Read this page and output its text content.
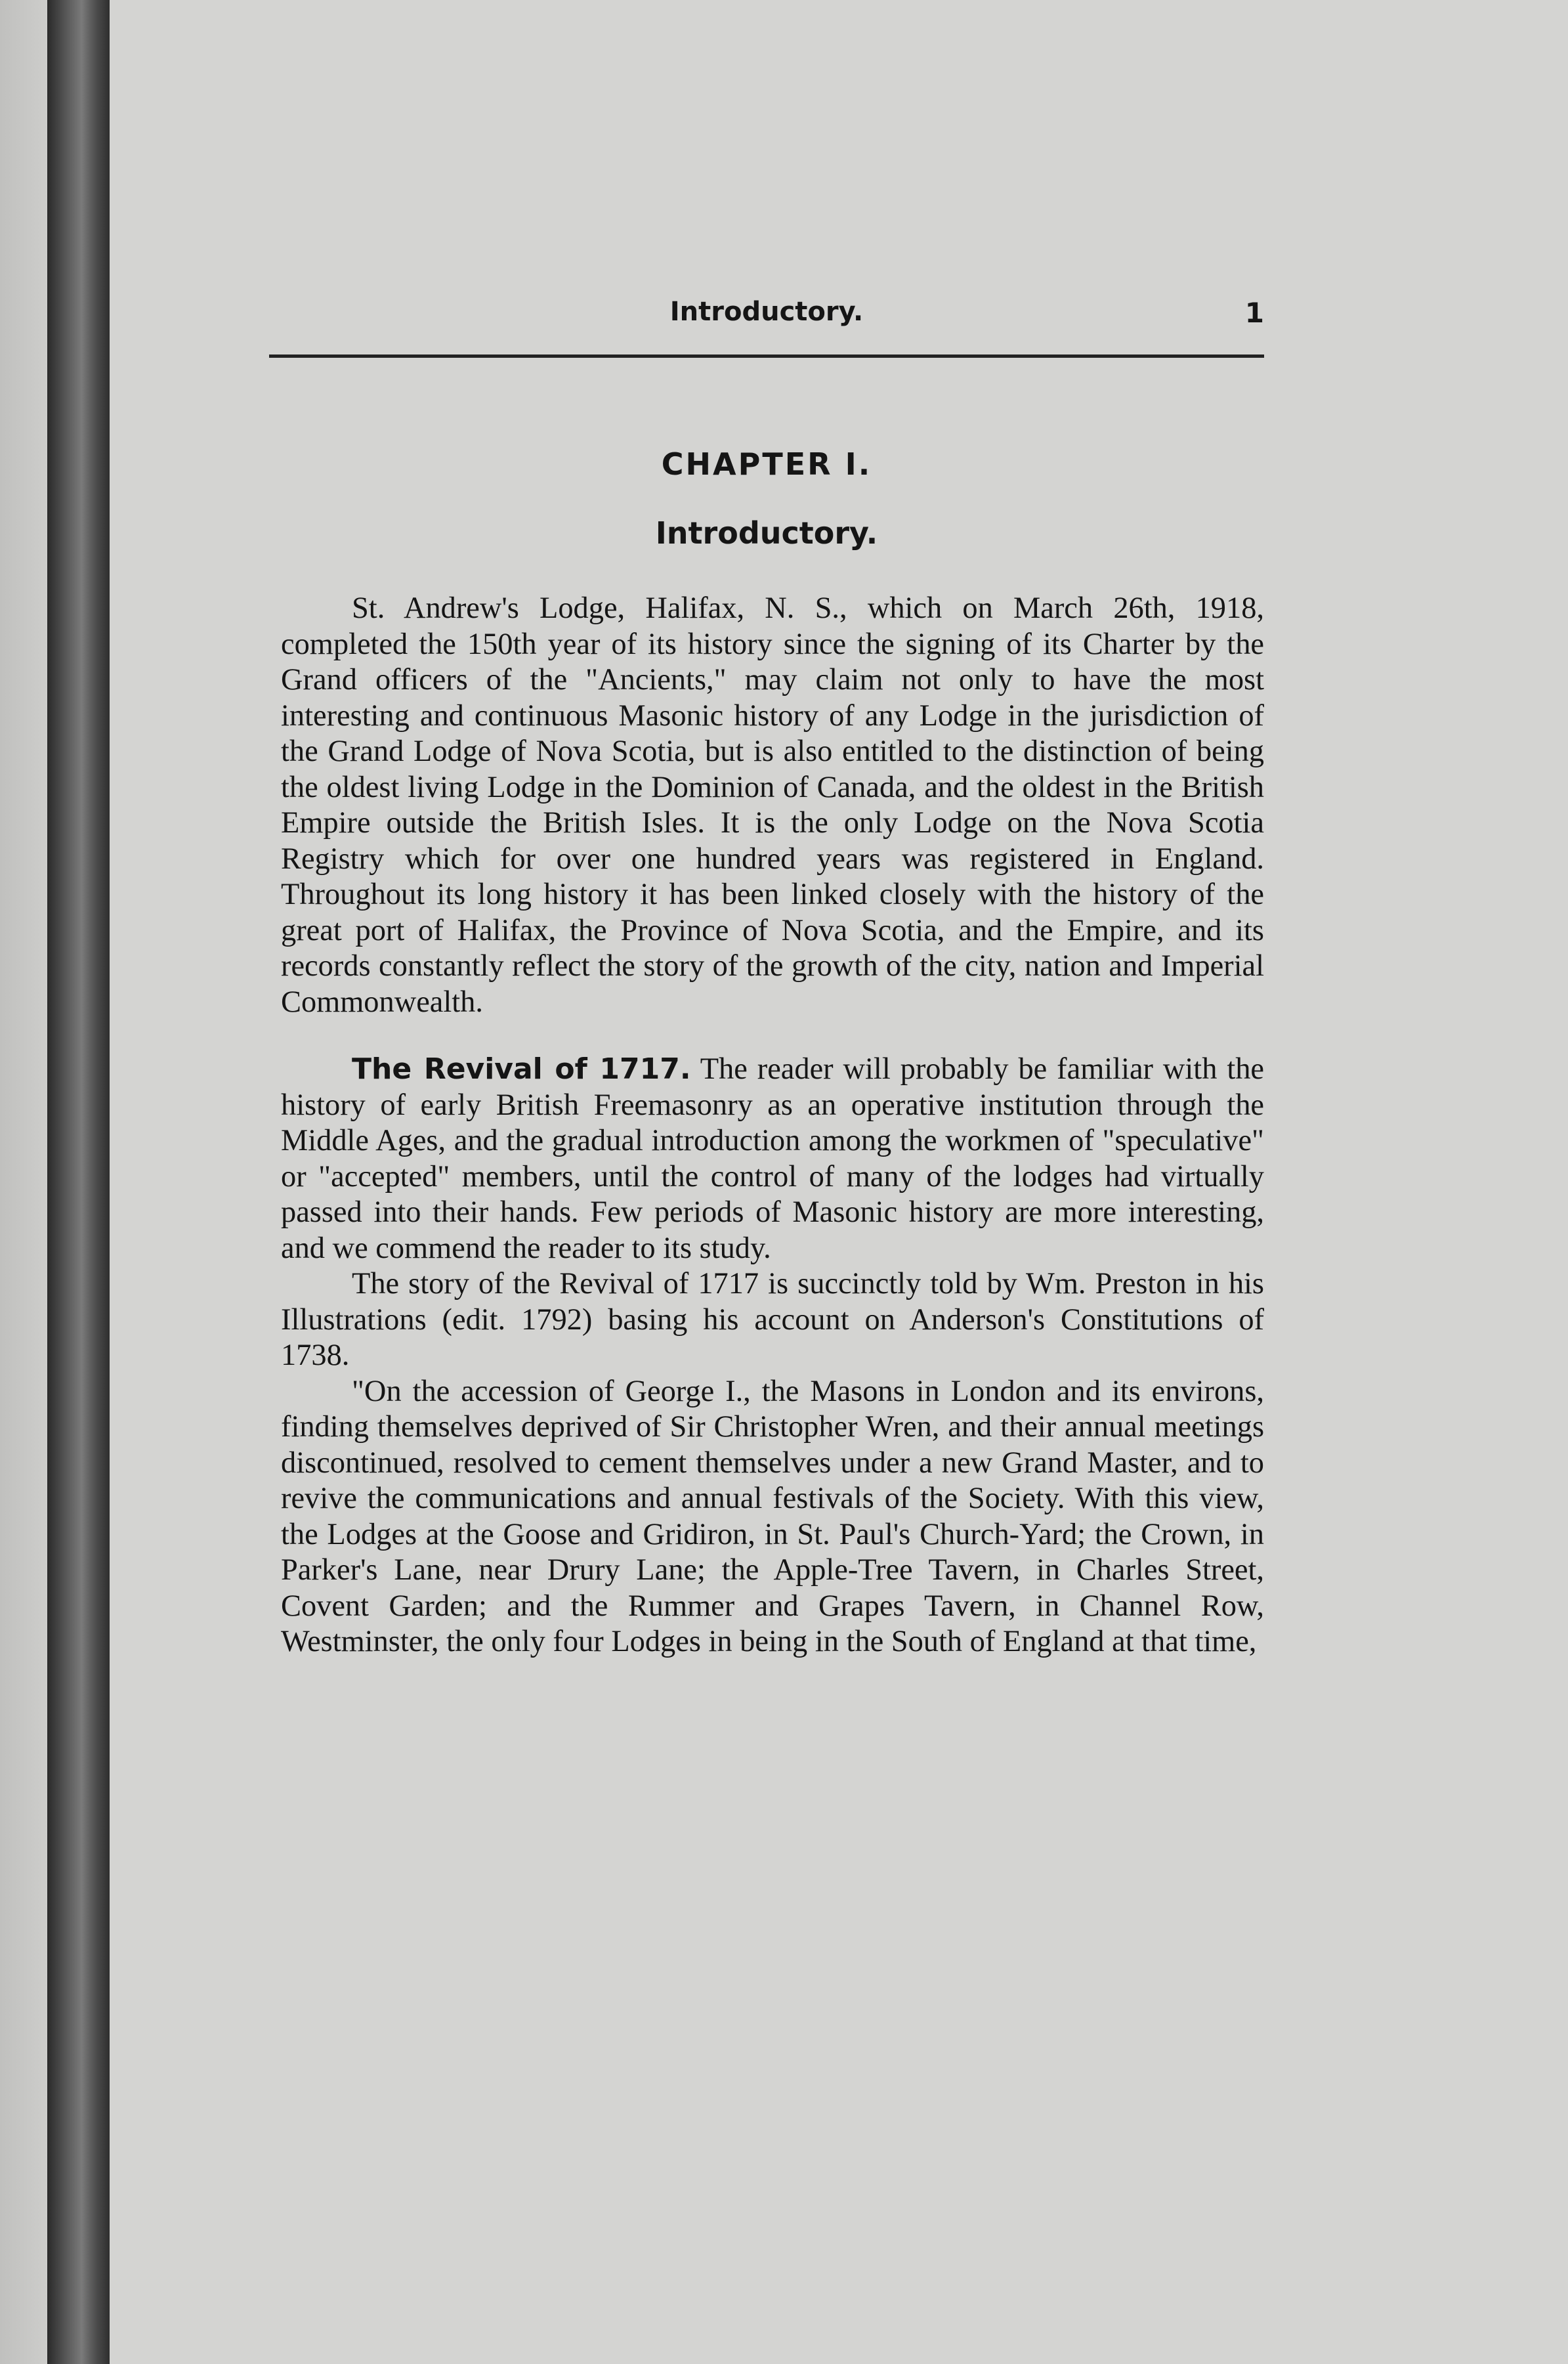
Introductory.	1
CHAPTER I.
Introductory.

St. Andrew's Lodge, Halifax, N. S., which on March 26th, 1918, completed the 150th year of its history since the signing of its Charter by the Grand officers of the "Ancients," may claim not only to have the most interesting and continuous Masonic history of any Lodge in the jurisdiction of the Grand Lodge of Nova Scotia, but is also entitled to the distinction of being the oldest living Lodge in the Dominion of Canada, and the oldest in the British Empire outside the British Isles. It is the only Lodge on the Nova Scotia Registry which for over one hundred years was registered in England. Throughout its long history it has been linked closely with the history of the great port of Halifax, the Province of Nova Scotia, and the Empire, and its records constantly reflect the story of the growth of the city, nation and Imperial Commonwealth.

The Revival of 1717. The reader will probably be familiar with the history of early British Freemasonry as an operative institution through the Middle Ages, and the gradual introduction among the workmen of "speculative" or "accepted" members, until the control of many of the lodges had virtually passed into their hands. Few periods of Masonic history are more interesting, and we commend the reader to its study.

The story of the Revival of 1717 is succinctly told by Wm. Preston in his Illustrations (edit. 1792) basing his account on Anderson's Constitutions of 1738.

"On the accession of George I., the Masons in London and its environs, finding themselves deprived of Sir Christopher Wren, and their annual meetings discontinued, resolved to cement themselves under a new Grand Master, and to revive the communications and annual festivals of the Society. With this view, the Lodges at the Goose and Gridiron, in St. Paul's Church-Yard; the Crown, in Parker's Lane, near Drury Lane; the Apple-Tree Tavern, in Charles Street, Covent Garden; and the Rummer and Grapes Tavern, in Channel Row, Westminster, the only four Lodges in being in the South of England at that time,
